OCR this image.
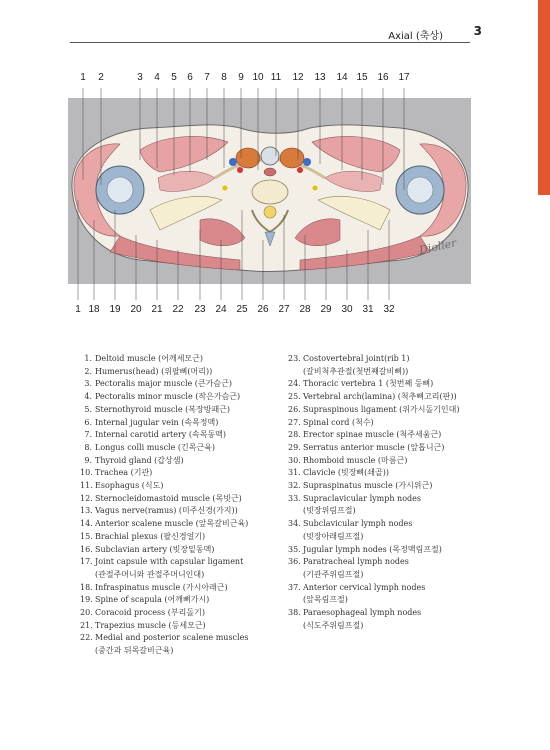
Axial (축상)	3
Dioller
1 2	3 4 5 6 7 8 9 10 11 12 13 14 15 16 17
1 18 19 20 21 22 23 24 25 26 27 28 29 30 31 32
1. Deltoid muscle (어깨세모근)
2. Humerus(head) (위팔뼈(머리))
3. Pectoralis major muscle (큰가슴근)
4. Pectoralis minor muscle (작은가슴근)
5. Sternothyroid muscle (복장방패근)
6. Internal jugular vein (속목정맥)
7. Internal carotid artery (속목동맥)
8. Longus colli muscle (긴목근육)
9. Thyroid gland (갑상샘)
10. Trachea (기관)
11. Esophagus (식도)
12. Sternocleidomastoid muscle (목빗근)
13. Vagus nerve(ramus) (미주신경(가지))
14. Anterior scalene muscle (앞목갈비근육)
15. Brachial plexus (팔신경얼기)
16. Subclavian artery (빗장밑동맥)
17. Joint capsule with capsular ligament
(관절주머니와 관절주머니인대)
18. Infraspinatus muscle (가시아래근)
19. Spine of scapula (어깨뼈가시)
20. Coracoid process (부리돌기)
21. Trapezius muscle (등세모근)
22. Medial and posterior scalene muscles
(중간과 뒤목갈비근육)
23. Costovertebral joint(rib 1)
(갈비척추관절(첫번째갈비뼈))
24. Thoracic vertebra 1 (첫번째 등뼈)
25. Vertebral arch(lamina) (척추뼈고리(판))
26. Supraspinous ligament (위가시돌기인대)
27. Spinal cord (척수)
28. Erector spinae muscle (척주세움근)
29. Serratus anterior muscle (앞톱니근)
30. Rhomboid muscle (마름근)
31. Clavicle (빗장뼈(쇄골))
32. Supraspinatus muscle (가시위근)
33. Supraclavicular lymph nodes
(빗장위림프절)
34. Subclavicular lymph nodes
(빗장아래림프절)
35. Jugular lymph nodes (목정맥림프절)
36. Paratracheal lymph nodes
(기관주위림프절)
37. Anterior cervical lymph nodes
(앞목림프절)
38. Paraesophageal lymph nodes
(식도주위림프절)
